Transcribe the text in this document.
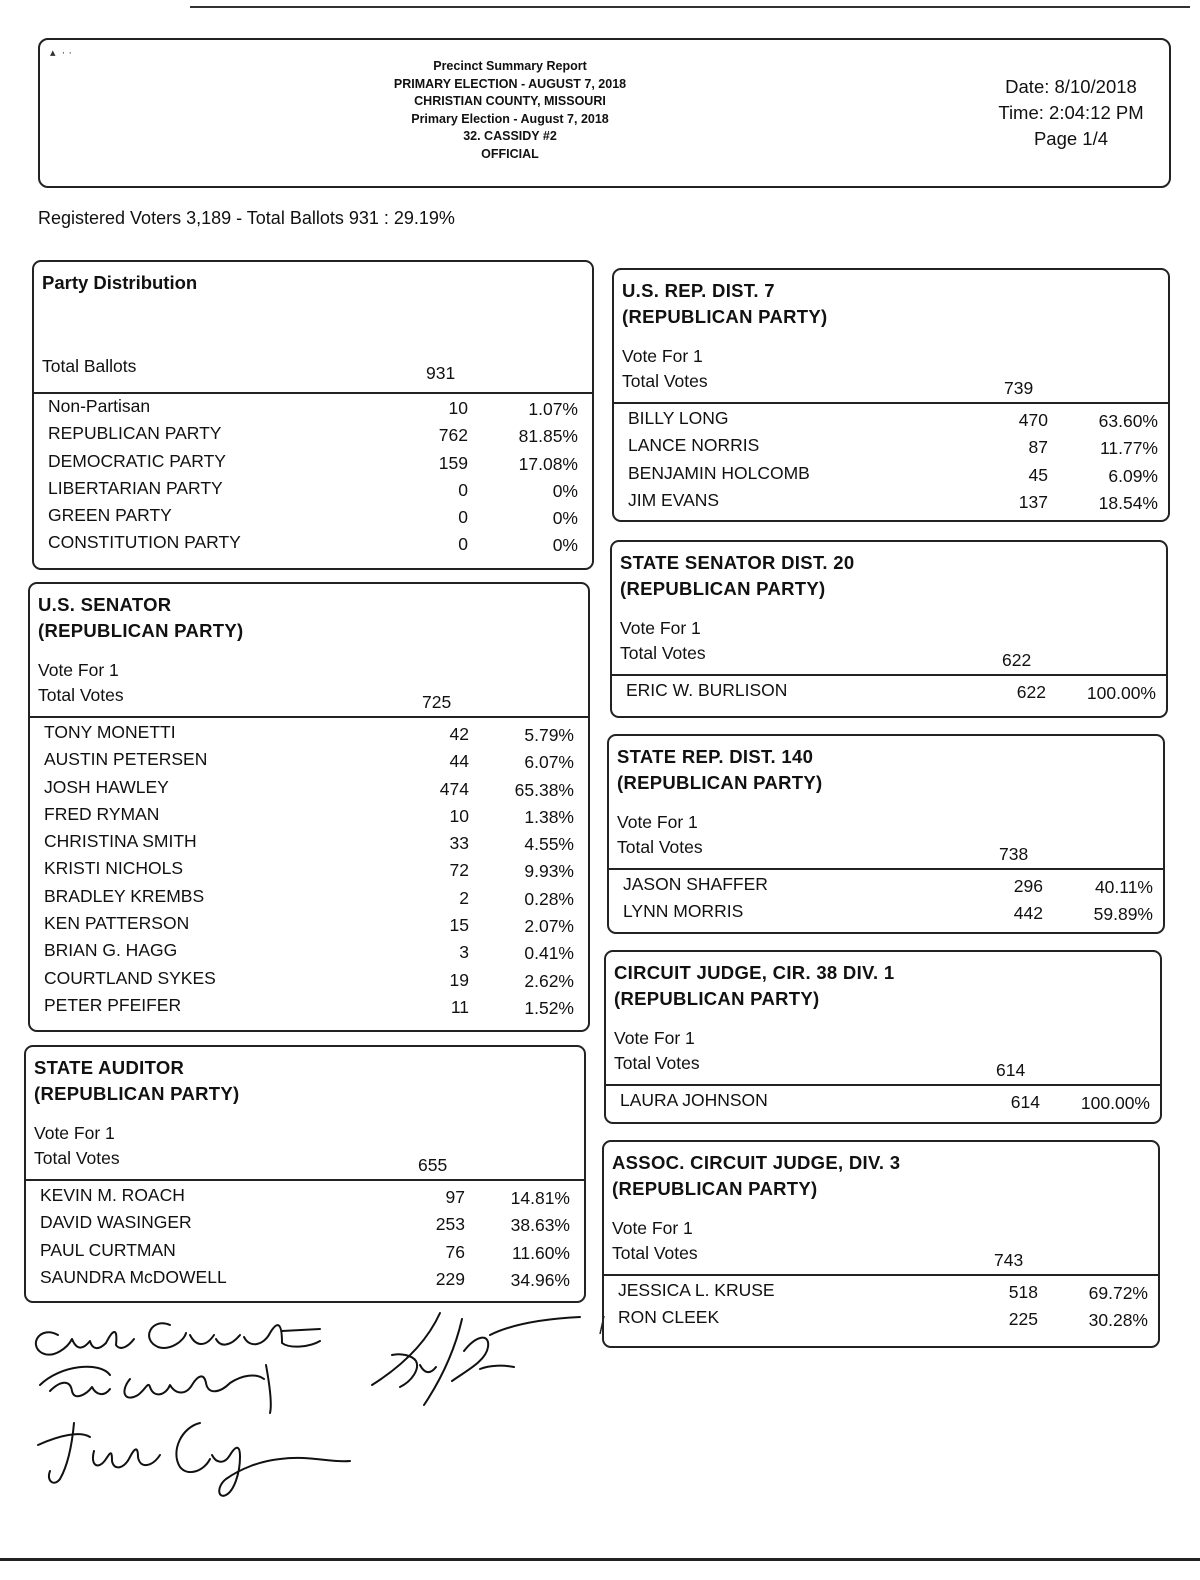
▴  · ·
Precinct Summary Report
PRIMARY ELECTION - AUGUST 7, 2018
CHRISTIAN COUNTY, MISSOURI
Primary Election - August 7, 2018
32. CASSIDY #2
OFFICIAL
Date: 8/10/2018
Time: 2:04:12 PM
Page 1/4
Registered Voters 3,189 - Total Ballots 931 : 29.19%
Party Distribution
Total Ballots	931
Non-Partisan	10	1.07%
REPUBLICAN PARTY	762	81.85%
DEMOCRATIC PARTY	159	17.08%
LIBERTARIAN PARTY	0	0%
GREEN PARTY	0	0%
CONSTITUTION PARTY	0	0%
U.S. SENATOR
(REPUBLICAN PARTY)
Vote For 1
Total Votes	725
TONY MONETTI	42	5.79%
AUSTIN PETERSEN	44	6.07%
JOSH HAWLEY	474	65.38%
FRED RYMAN	10	1.38%
CHRISTINA SMITH	33	4.55%
KRISTI NICHOLS	72	9.93%
BRADLEY KREMBS	2	0.28%
KEN PATTERSON	15	2.07%
BRIAN G. HAGG	3	0.41%
COURTLAND SYKES	19	2.62%
PETER PFEIFER	11	1.52%
STATE AUDITOR
(REPUBLICAN PARTY)
Vote For 1
Total Votes	655
KEVIN M. ROACH	97	14.81%
DAVID WASINGER	253	38.63%
PAUL CURTMAN	76	11.60%
SAUNDRA McDOWELL	229	34.96%
U.S. REP. DIST. 7
(REPUBLICAN PARTY)
Vote For 1
Total Votes	739
BILLY LONG	470	63.60%
LANCE NORRIS	87	11.77%
BENJAMIN HOLCOMB	45	6.09%
JIM EVANS	137	18.54%
STATE SENATOR DIST. 20
(REPUBLICAN PARTY)
Vote For 1
Total Votes	622
ERIC W. BURLISON	622	100.00%
STATE REP. DIST. 140
(REPUBLICAN PARTY)
Vote For 1
Total Votes	738
JASON SHAFFER	296	40.11%
LYNN MORRIS	442	59.89%
CIRCUIT JUDGE, CIR. 38 DIV. 1
(REPUBLICAN PARTY)
Vote For 1
Total Votes	614
LAURA JOHNSON	614	100.00%
ASSOC. CIRCUIT JUDGE, DIV. 3
(REPUBLICAN PARTY)
Vote For 1
Total Votes	743
JESSICA L. KRUSE	518	69.72%
RON CLEEK	225	30.28%
